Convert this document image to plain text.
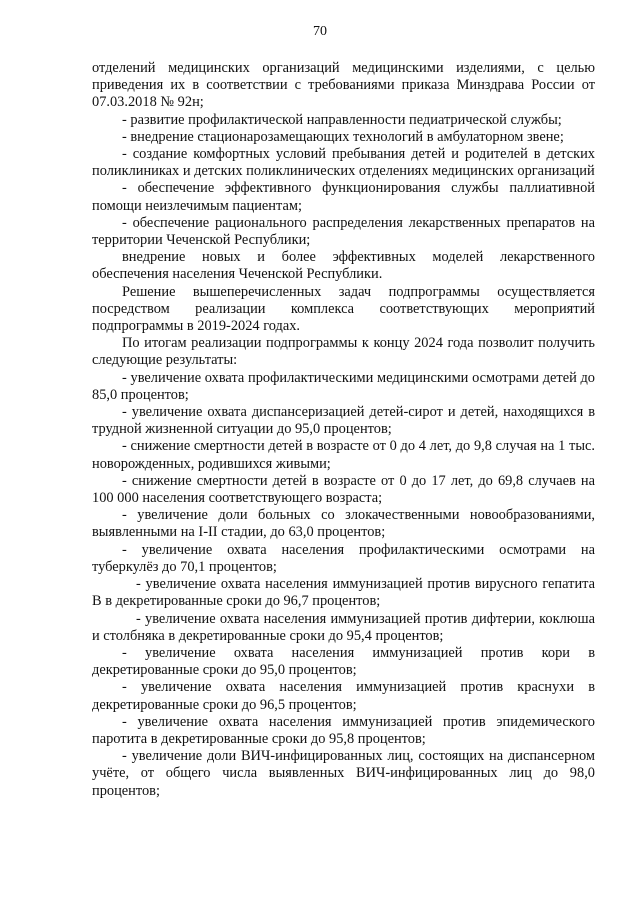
70

отделений медицинских организаций медицинскими изделиями, с целью приведения их в соответствии с требованиями приказа Минздрава России от 07.03.2018 № 92н;

- развитие профилактической направленности педиатрической службы;

- внедрение стационарозамещающих технологий в амбулаторном звене;

- создание комфортных условий пребывания детей и родителей в детских поликлиниках и детских поликлинических отделениях медицинских организаций

- обеспечение эффективного функционирования службы паллиативной помощи неизлечимым пациентам;

- обеспечение рационального распределения лекарственных препаратов на территории Чеченской Республики;

внедрение новых и более эффективных моделей лекарственного обеспечения населения Чеченской Республики.

Решение вышеперечисленных задач подпрограммы осуществляется посредством реализации комплекса соответствующих мероприятий подпрограммы в 2019-2024 годах.

По итогам реализации подпрограммы к концу 2024 года позволит получить следующие результаты:

- увеличение охвата профилактическими медицинскими осмотрами детей до 85,0 процентов;

- увеличение охвата диспансеризацией детей-сирот и детей, находящихся в трудной жизненной ситуации до 95,0 процентов;

- снижение смертности детей в возрасте от 0 до 4 лет, до 9,8 случая на 1 тыс. новорожденных, родившихся живыми;

- снижение смертности детей в возрасте от 0 до 17 лет, до 69,8 случаев на 100 000 населения соответствующего возраста;

- увеличение доли больных со злокачественными новообразованиями, выявленными на I-II стадии, до 63,0 процентов;

- увеличение охвата населения профилактическими осмотрами на туберкулёз до 70,1 процентов;

- увеличение охвата населения иммунизацией против вирусного гепатита В в декретированные сроки до 96,7 процентов;

- увеличение охвата населения иммунизацией против дифтерии, коклюша и столбняка в декретированные сроки до 95,4 процентов;

- увеличение охвата населения иммунизацией против кори в декретированные сроки до 95,0 процентов;

- увеличение охвата населения иммунизацией против краснухи в декретированные сроки до 96,5 процентов;

- увеличение охвата населения иммунизацией против эпидемического паротита в декретированные сроки до 95,8 процентов;

- увеличение доли ВИЧ-инфицированных лиц, состоящих на диспансерном учёте, от общего числа выявленных ВИЧ-инфицированных лиц до 98,0 процентов;
